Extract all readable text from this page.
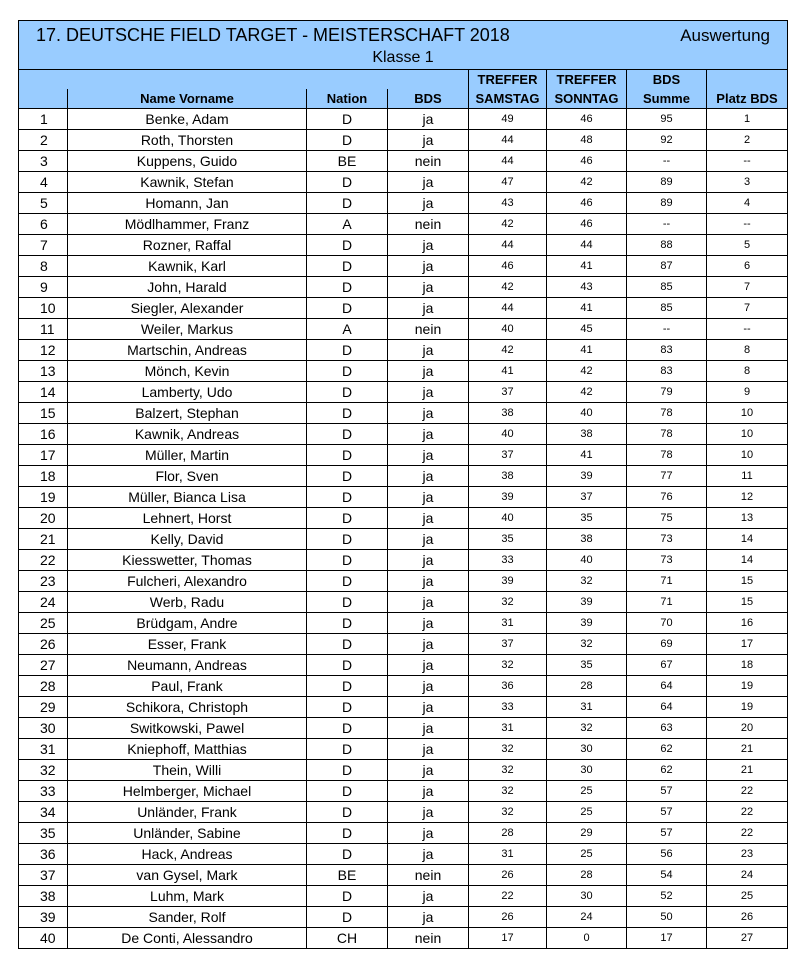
17. DEUTSCHE FIELD TARGET - MEISTERSCHAFT 2018 Auswertung
Klasse 1							

				TREFFER	TREFFER	BDS	
	Name Vorname	Nation	BDS	SAMSTAG	SONNTAG	Summe	Platz BDS
1	Benke, Adam	D	ja	49	46	95	1
2	Roth, Thorsten	D	ja	44	48	92	2
3	Kuppens, Guido	BE	nein	44	46	--	--
4	Kawnik, Stefan	D	ja	47	42	89	3
5	Homann, Jan	D	ja	43	46	89	4
6	Mödlhammer, Franz	A	nein	42	46	--	--
7	Rozner, Raffal	D	ja	44	44	88	5
8	Kawnik, Karl	D	ja	46	41	87	6
9	John, Harald	D	ja	42	43	85	7
10	Siegler, Alexander	D	ja	44	41	85	7
11	Weiler, Markus	A	nein	40	45	--	--
12	Martschin, Andreas	D	ja	42	41	83	8
13	Mönch, Kevin	D	ja	41	42	83	8
14	Lamberty, Udo	D	ja	37	42	79	9
15	Balzert, Stephan	D	ja	38	40	78	10
16	Kawnik, Andreas	D	ja	40	38	78	10
17	Müller, Martin	D	ja	37	41	78	10
18	Flor, Sven	D	ja	38	39	77	11
19	Müller, Bianca Lisa	D	ja	39	37	76	12
20	Lehnert, Horst	D	ja	40	35	75	13
21	Kelly, David	D	ja	35	38	73	14
22	Kiesswetter, Thomas	D	ja	33	40	73	14
23	Fulcheri, Alexandro	D	ja	39	32	71	15
24	Werb, Radu	D	ja	32	39	71	15
25	Brüdgam, Andre	D	ja	31	39	70	16
26	Esser, Frank	D	ja	37	32	69	17
27	Neumann, Andreas	D	ja	32	35	67	18
28	Paul, Frank	D	ja	36	28	64	19
29	Schikora, Christoph	D	ja	33	31	64	19
30	Switkowski, Pawel	D	ja	31	32	63	20
31	Kniephoff, Matthias	D	ja	32	30	62	21
32	Thein, Willi	D	ja	32	30	62	21
33	Helmberger, Michael	D	ja	32	25	57	22
34	Unländer, Frank	D	ja	32	25	57	22
35	Unländer, Sabine	D	ja	28	29	57	22
36	Hack, Andreas	D	ja	31	25	56	23
37	van Gysel, Mark	BE	nein	26	28	54	24
38	Luhm, Mark	D	ja	22	30	52	25
39	Sander, Rolf	D	ja	26	24	50	26
40	De Conti, Alessandro	CH	nein	17	0	17	27
